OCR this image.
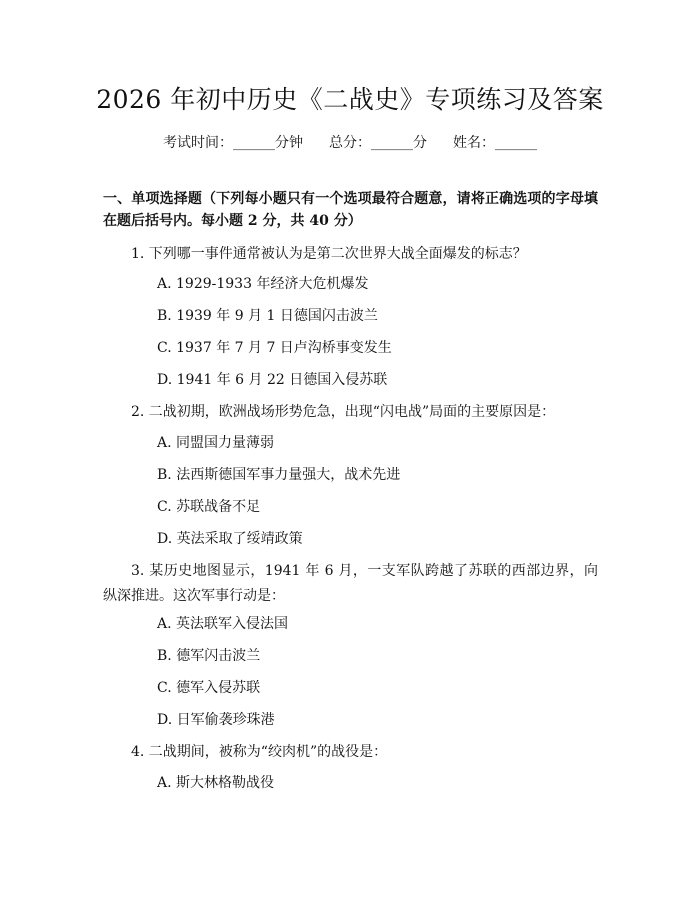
2026 年初中历史《二战史》专项练习及答案
考试时间：______分钟 总分：______分 姓名：______
一、单项选择题（下列每小题只有一个选项最符合题意，请将正确选项的字母填在题后括号内。每小题 2 分，共 40 分）
1. 下列哪一事件通常被认为是第二次世界大战全面爆发的标志？
A. 1929-1933 年经济大危机爆发
B. 1939 年 9 月 1 日德国闪击波兰
C. 1937 年 7 月 7 日卢沟桥事变发生
D. 1941 年 6 月 22 日德国入侵苏联
2. 二战初期，欧洲战场形势危急，出现“闪电战”局面的主要原因是：
A. 同盟国力量薄弱
B. 法西斯德国军事力量强大，战术先进
C. 苏联战备不足
D. 英法采取了绥靖政策
3. 某历史地图显示，1941 年 6 月，一支军队跨越了苏联的西部边界，向纵深推进。这次军事行动是：
A. 英法联军入侵法国
B. 德军闪击波兰
C. 德军入侵苏联
D. 日军偷袭珍珠港
4. 二战期间，被称为“绞肉机”的战役是：
A. 斯大林格勒战役
